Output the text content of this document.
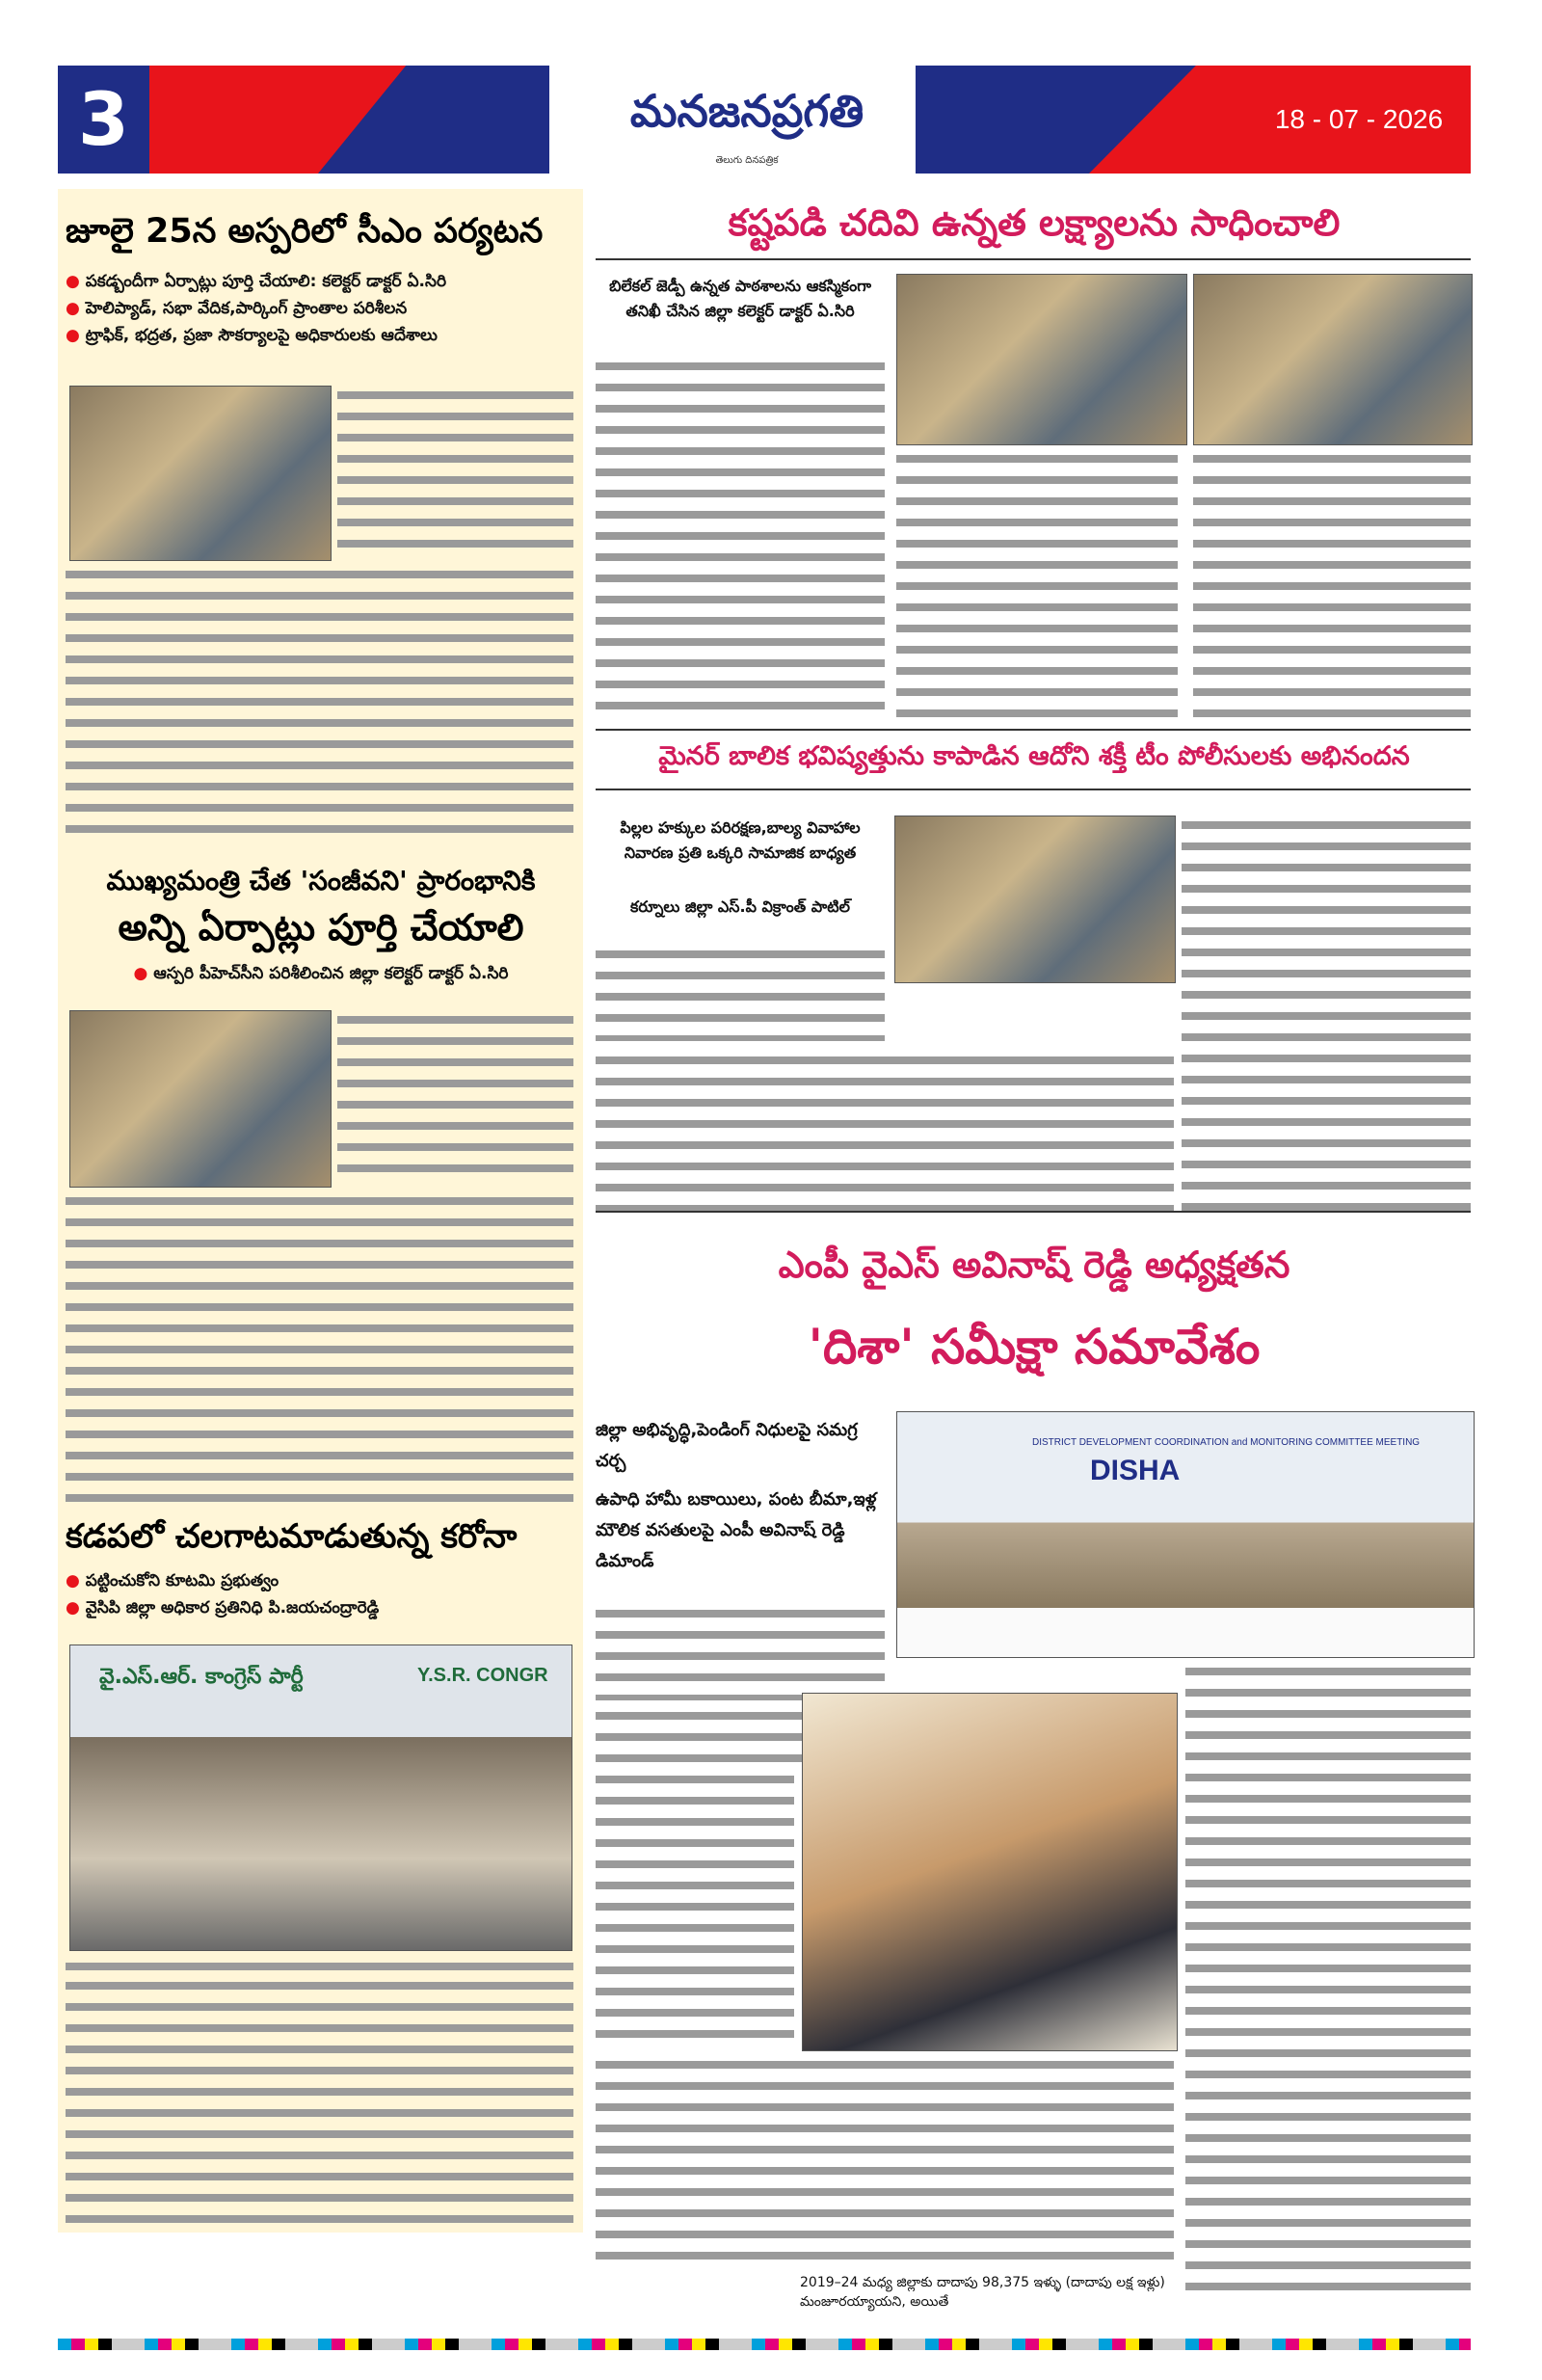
3	మనజనప్రగతి
తెలుగు దినపత్రిక
18 - 07 - 2026
జూలై 25న అస్పరిలో సీఎం పర్యటన
● పకడ్బందీగా ఏర్పాట్లు పూర్తి చేయాలి: కలెక్టర్ డాక్టర్ ఏ.సిరి
● హెలిప్యాడ్, సభా వేదిక,పార్కింగ్ ప్రాంతాల పరిశీలన
● ట్రాఫిక్, భద్రత, ప్రజా సౌకర్యాలపై అధికారులకు ఆదేశాలు
ముఖ్యమంత్రి చేత 'సంజీవని' ప్రారంభానికి
అన్ని ఏర్పాట్లు పూర్తి చేయాలి
● ఆస్పరి పీహెచ్‌సీని పరిశీలించిన జిల్లా కలెక్టర్ డాక్టర్ ఏ.సిరి
కడపలో చలగాటమాడుతున్న కరోనా
● పట్టించుకోని కూటమి ప్రభుత్వం
● వైసిపి జిల్లా అధికార ప్రతినిధి పి.జయచంద్రారెడ్డి
వై.ఎస్.ఆర్. కాంగ్రెస్ పార్టీ	Y.S.R. CONGR
కష్టపడి చదివి ఉన్నత లక్ష్యాలను సాధించాలి
బిలేకల్ జెడ్పీ ఉన్నత పాఠశాలను ఆకస్మికంగా తనిఖీ చేసిన జిల్లా కలెక్టర్ డాక్టర్ ఏ.సిరి
మైనర్ బాలిక భవిష్యత్తును కాపాడిన ఆదోని శక్తీ టీం పోలీసులకు అభినందన
పిల్లల హక్కుల పరిరక్షణ,బాల్య వివాహాల నివారణ ప్రతి ఒక్కరి సామాజిక బాధ్యత
కర్నూలు జిల్లా ఎస్.పీ విక్రాంత్ పాటిల్
ఎంపీ వైఎస్ అవినాష్ రెడ్డి అధ్యక్షతన
'దిశా' సమీక్షా సమావేశం
జిల్లా అభివృద్ధి,పెండింగ్ నిధులపై సమగ్ర చర్చ
ఉపాధి హామీ బకాయిలు, పంట బీమా,ఇళ్ల మౌలిక వసతులపై ఎంపీ అవినాష్ రెడ్డి డిమాండ్
DISTRICT DEVELOPMENT COORDINATION and MONITORING COMMITTEE MEETING
DISHA
2019–24 మధ్య జిల్లాకు దాదాపు 98,375 ఇళ్ళు (దాదాపు లక్ష ఇళ్లు) మంజూరయ్యాయని, అయితే
